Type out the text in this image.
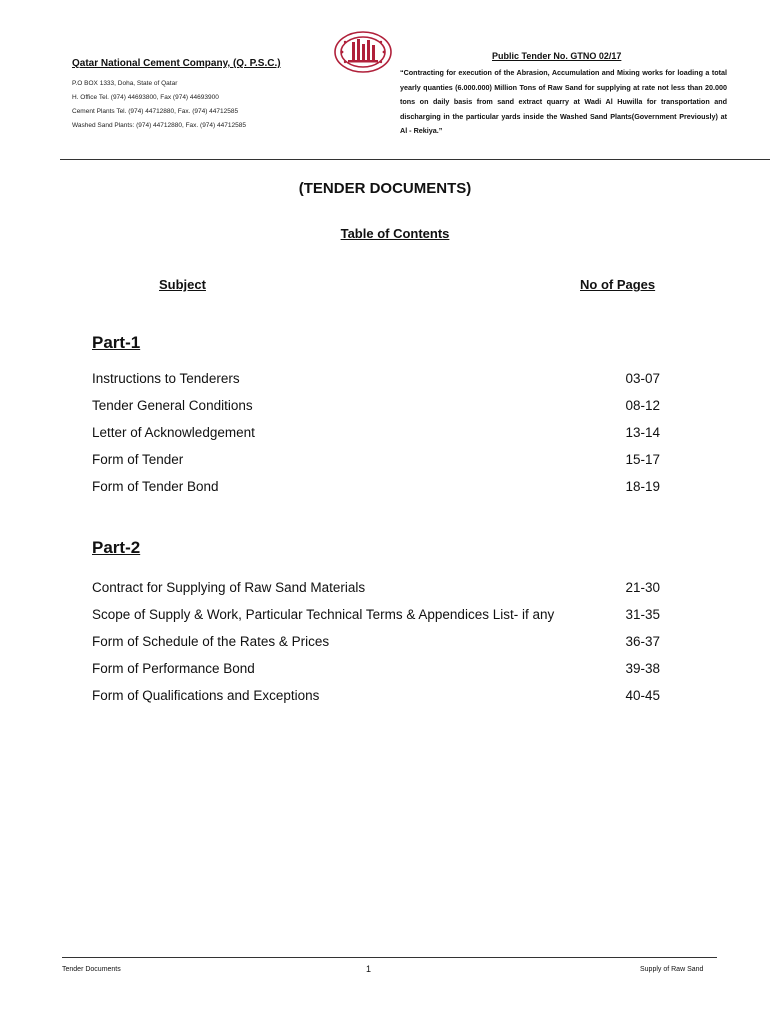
Qatar National Cement Company, (Q. P.S.C.)
P.O BOX 1333, Doha, State of Qatar
H. Office Tel. (974) 44693800, Fax (974) 44693900
Cement Plants Tel. (974) 44712880, Fax. (974) 44712585
Washed Sand Plants: (974) 44712880, Fax. (974) 44712585
Public Tender No. GTNO 02/17
“Contracting for execution of the Abrasion, Accumulation and Mixing works for loading a total yearly quanties (6.000.000) Million Tons of Raw Sand for supplying at rate not less than 20.000 tons on daily basis from sand extract quarry at Wadi Al Huwilla for transportation and discharging in the particular yards inside the Washed Sand Plants(Government Previously) at Al - Rekiya.”
(TENDER DOCUMENTS)
Table of Contents
Subject	No of Pages
Part-1
Instructions to Tenderers	03-07
Tender General Conditions	08-12
Letter of Acknowledgement	13-14
Form of Tender	15-17
Form of Tender Bond	18-19
Part-2
Contract for Supplying of Raw Sand Materials	21-30
Scope of Supply & Work, Particular Technical Terms & Appendices List- if any	31-35
Form of Schedule of the Rates & Prices	36-37
Form of Performance Bond	39-38
Form of Qualifications and Exceptions	40-45
Tender Documents	1	Supply of Raw Sand
